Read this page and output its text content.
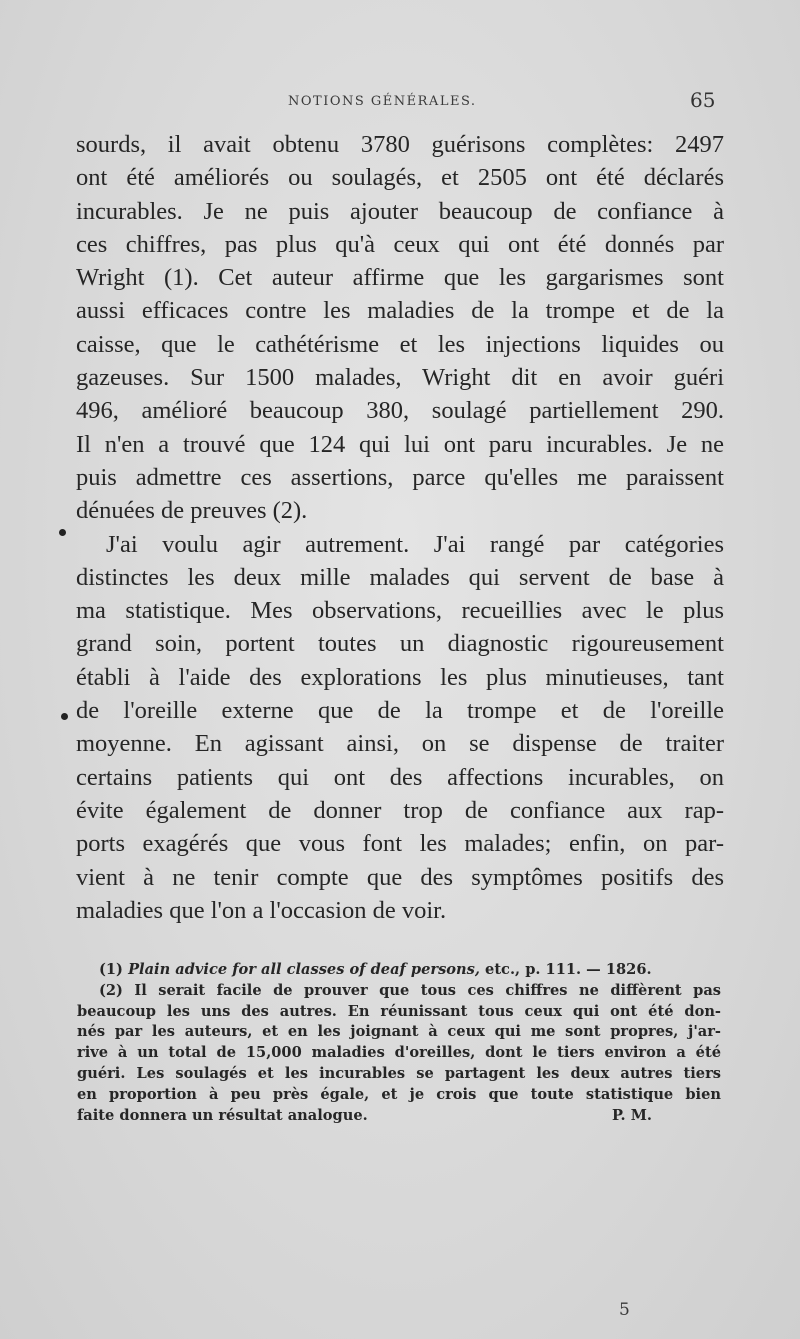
NOTIONS GÉNÉRALES.	65

sourds, il avait obtenu 3780 guérisons complètes: 2497
ont été améliorés ou soulagés, et 2505 ont été déclarés
incurables. Je ne puis ajouter beaucoup de confiance à
ces chiffres, pas plus qu'à ceux qui ont été donnés par
Wright (1). Cet auteur affirme que les gargarismes sont
aussi efficaces contre les maladies de la trompe et de la
caisse, que le cathétérisme et les injections liquides ou
gazeuses. Sur 1500 malades, Wright dit en avoir guéri
496, amélioré beaucoup 380, soulagé partiellement 290.
Il n'en a trouvé que 124 qui lui ont paru incurables. Je ne
puis admettre ces assertions, parce qu'elles me paraissent
dénuées de preuves (2).

J'ai voulu agir autrement. J'ai rangé par catégories
distinctes les deux mille malades qui servent de base à
ma statistique. Mes observations, recueillies avec le plus
grand soin, portent toutes un diagnostic rigoureusement
établi à l'aide des explorations les plus minutieuses, tant
de l'oreille externe que de la trompe et de l'oreille
moyenne. En agissant ainsi, on se dispense de traiter
certains patients qui ont des affections incurables, on
évite également de donner trop de confiance aux rap-
ports exagérés que vous font les malades; enfin, on par-
vient à ne tenir compte que des symptômes positifs des
maladies que l'on a l'occasion de voir.

(1) Plain advice for all classes of deaf persons, etc., p. 111. — 1826.
(2) Il serait facile de prouver que tous ces chiffres ne diffèrent pas
beaucoup les uns des autres. En réunissant tous ceux qui ont été don-
nés par les auteurs, et en les joignant à ceux qui me sont propres, j'ar-
rive à un total de 15,000 maladies d'oreilles, dont le tiers environ a été
guéri. Les soulagés et les incurables se partagent les deux autres tiers
en proportion à peu près égale, et je crois que toute statistique bien
faite donnera un résultat analogue.	P. M.
5
